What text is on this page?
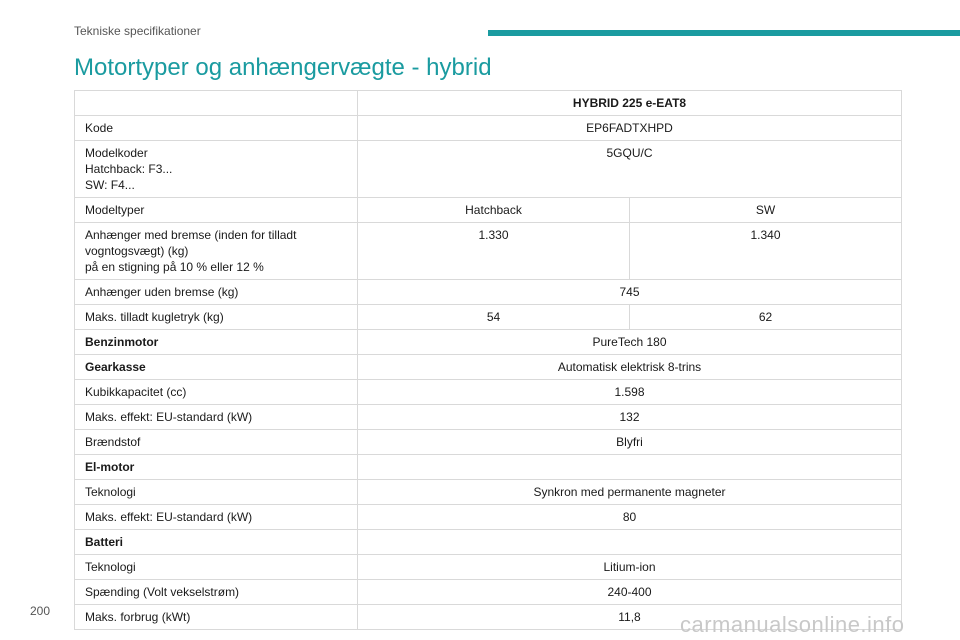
Tekniske specifikationer
Motortyper og anhængervægte - hybrid
	HYBRID 225 e-EAT8	
Kode	EP6FADTXHPD	
Modelkoder
Hatchback: F3...
SW: F4...	5GQU/C	
Modeltyper	Hatchback	SW
Anhænger med bremse (inden for tilladt vogntogsvægt) (kg)
på en stigning på 10 % eller 12 %	1.330	1.340
Anhænger uden bremse (kg)	745	
Maks. tilladt kugletryk (kg)	54	62
Benzinmotor	PureTech 180	
Gearkasse	Automatisk elektrisk 8-trins	
Kubikkapacitet (cc)	1.598	
Maks. effekt: EU-standard (kW)	132	
Brændstof	Blyfri	
El-motor		
Teknologi	Synkron med permanente magneter	
Maks. effekt: EU-standard (kW)	80	
Batteri		
Teknologi	Litium-ion	
Spænding (Volt vekselstrøm)	240-400	
Maks. forbrug (kWt)	11,8	
200
carmanualsonline.info
